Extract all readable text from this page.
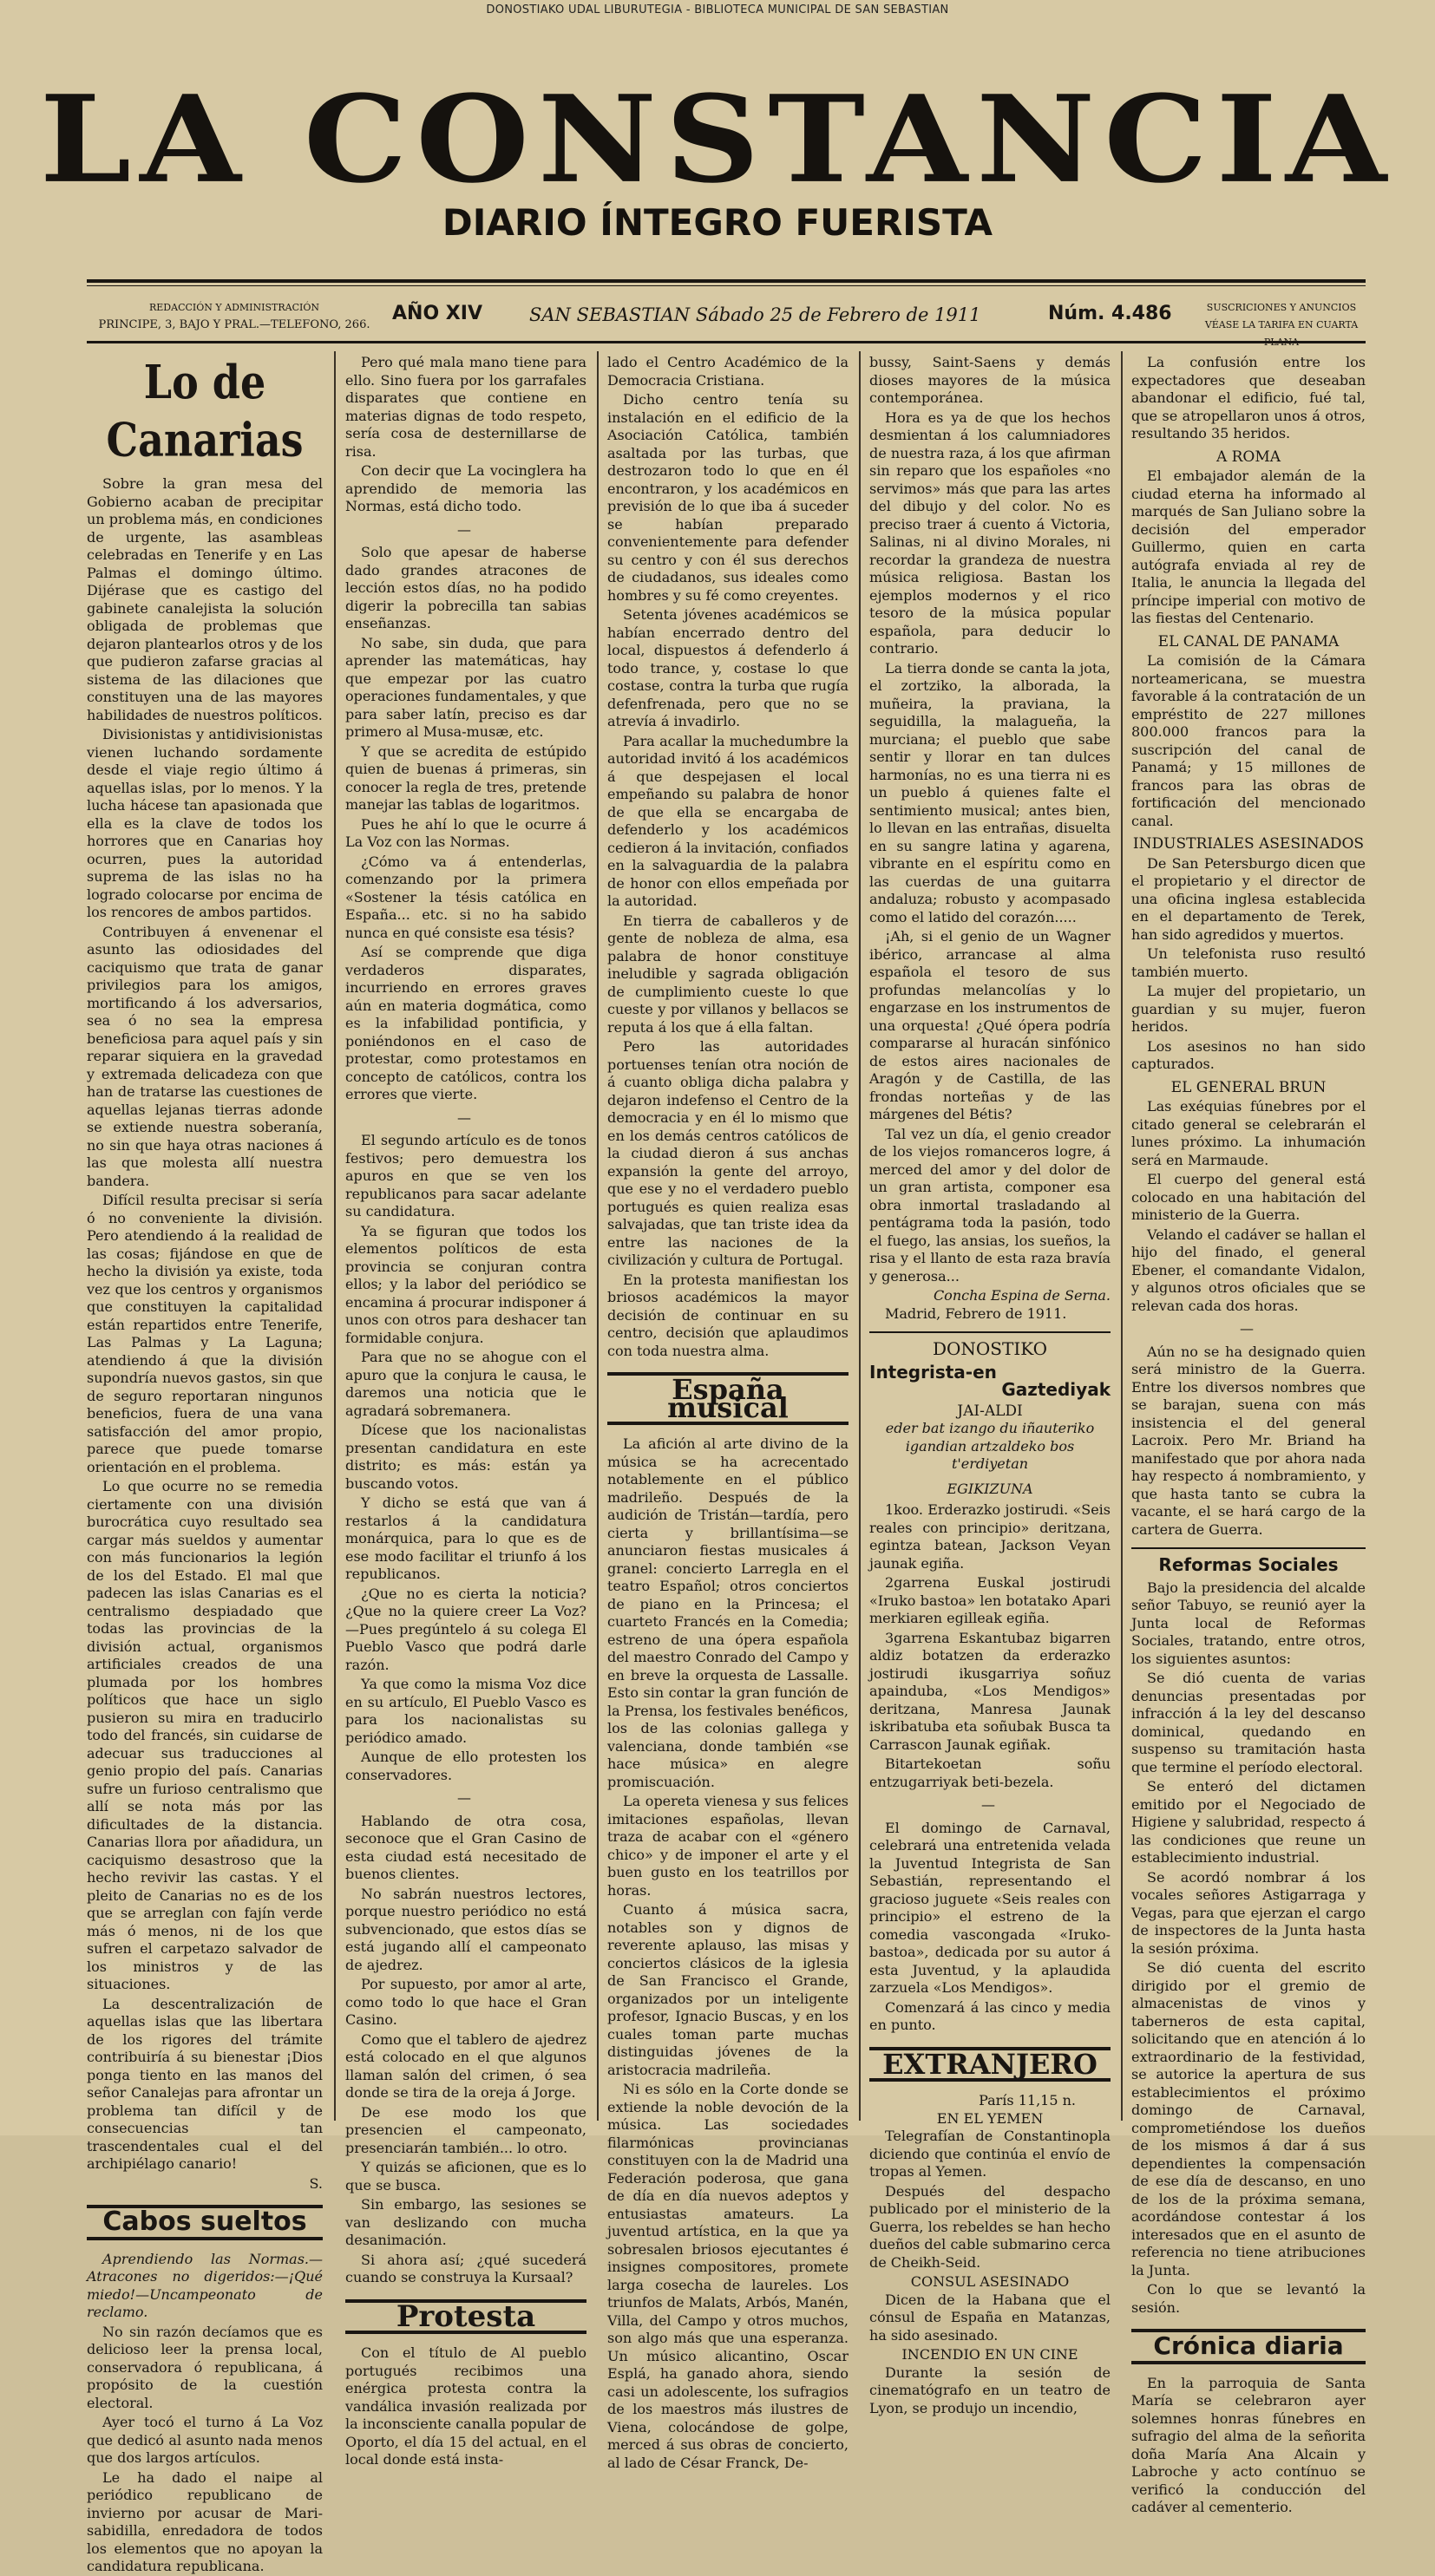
DONOSTIAKO UDAL LIBURUTEGIA - BIBLIOTECA MUNICIPAL DE SAN SEBASTIAN
LA CONSTANCIA
DIARIO ÍNTEGRO FUERISTA
REDACCIÓN Y ADMINISTRACIÓN
PRINCIPE, 3, BAJO Y PRAL.—TELEFONO, 266.
AÑO XIV	SAN SEBASTIAN Sábado 25 de Febrero de 1911	Núm. 4.486	SUSCRICIONES Y ANUNCIOS
VÉASE LA TARIFA EN CUARTA
Lo de Canarias

Sobre la gran mesa del Gobierno acaban de precipitar un problema más, en condiciones de urgente, las asambleas celebradas en Tenerife y en Las Palmas el domingo último. Dijérase que es castigo del gabinete canalejista la solución obligada de problemas que dejaron plantearlos otros y de los que pudieron zafarse gracias al sistema de las dilaciones que constituyen una de las mayores habilidades de nuestros políticos.

Divisionistas y antidivisionistas vienen luchando sordamente desde el viaje regio último á aquellas islas, por lo menos. Y la lucha hácese tan apasionada que ella es la clave de todos los horrores que en Canarias hoy ocurren, pues la autoridad suprema de las islas no ha logrado colocarse por encima de los rencores de ambos partidos.

Contribuyen á envenenar el asunto las odiosidades del caciquismo que trata de ganar privilegios para los amigos, mortificando á los adversarios, sea ó no sea la empresa beneficiosa para aquel país y sin reparar siquiera en la gravedad y extremada delicadeza con que han de tratarse las cuestiones de aquellas lejanas tierras adonde se extiende nuestra soberanía, no sin que haya otras naciones á las que molesta allí nuestra bandera.

Difícil resulta precisar si sería ó no conveniente la división. Pero atendiendo á la realidad de las cosas; fijándose en que de hecho la división ya existe, toda vez que los centros y organismos que constituyen la capitalidad están repartidos entre Tenerife, Las Palmas y La Laguna; atendiendo á que la división supondría nuevos gastos, sin que de seguro reportaran ningunos beneficios, fuera de una vana satisfacción del amor propio, parece que puede tomarse orientación en el problema.

Lo que ocurre no se remedia ciertamente con una división burocrática cuyo resultado sea cargar más sueldos y aumentar con más funcionarios la legión de los del Estado. El mal que padecen las islas Canarias es el centralismo despiadado que todas las provincias de la división actual, organismos artificiales creados de una plumada por los hombres políticos que hace un siglo pusieron su mira en traducirlo todo del francés, sin cuidarse de adecuar sus traducciones al genio propio del país. Canarias sufre un furioso centralismo que allí se nota más por las dificultades de la distancia. Canarias llora por añadidura, un caciquismo desastroso que la hecho revivir las castas. Y el pleito de Canarias no es de los que se arreglan con fajín verde más ó menos, ni de los que sufren el carpetazo salvador de los ministros y de las situaciones.

La descentralización de aquellas islas que las libertara de los rigores del trámite contribuiría á su bienestar ¡Dios ponga tiento en las manos del señor Canalejas para afrontar un problema tan difícil y de consecuencias tan trascendentales cual el del archipiélago canario!

S.
Cabos sueltos

Aprendiendo las Normas.—Atracones no digeridos:—¡Qué miedo!—Uncampeonato de reclamo.

No sin razón decíamos que es delicioso leer la prensa local, conservadora ó republicana, á propósito de la cuestión electoral.

Ayer tocó el turno á La Voz que dedicó al asunto nada menos que dos largos artículos.

Le ha dado el naipe al periódico republicano de invierno por acusar de Mari-sabidilla, enredadora de todos los elementos que no apoyan la candidatura republicana.

Pero qué mala mano tiene para ello. Sino fuera por los garrafales disparates que contiene en materias dignas de todo respeto, sería cosa de desternillarse de risa.

Con decir que La vocinglera ha aprendido de memoria las Normas, está dicho todo.

—

Solo que apesar de haberse dado grandes atracones de lección estos días, no ha podido digerir la pobrecilla tan sabias enseñanzas.

No sabe, sin duda, que para aprender las matemáticas, hay que empezar por las cuatro operaciones fundamentales, y que para saber latín, preciso es dar primero al Musa-musæ, etc.

Y que se acredita de estúpido quien de buenas á primeras, sin conocer la regla de tres, pretende manejar las tablas de logaritmos.

Pues he ahí lo que le ocurre á La Voz con las Normas.

¿Cómo va á entenderlas, comenzando por la primera «Sostener la tésis católica en España... etc. si no ha sabido nunca en qué consiste esa tésis?

Así se comprende que diga verdaderos disparates, incurriendo en errores graves aún en materia dogmática, como es la infabilidad pontificia, y poniéndonos en el caso de protestar, como protestamos en concepto de católicos, contra los errores que vierte.

—

El segundo artículo es de tonos festivos; pero demuestra los apuros en que se ven los republicanos para sacar adelante su candidatura.

Ya se figuran que todos los elementos políticos de esta provincia se conjuran contra ellos; y la labor del periódico se encamina á procurar indisponer á unos con otros para deshacer tan formidable conjura.

Para que no se ahogue con el apuro que la conjura le causa, le daremos una noticia que le agradará sobremanera.

Dícese que los nacionalistas presentan candidatura en este distrito; es más: están ya buscando votos.

Y dicho se está que van á restarlos á la candidatura monárquica, para lo que es de ese modo facilitar el triunfo á los republicanos.

¿Que no es cierta la noticia? ¿Que no la quiere creer La Voz? —Pues pregúntelo á su colega El Pueblo Vasco que podrá darle razón.

Ya que como la misma Voz dice en su artículo, El Pueblo Vasco es para los nacionalistas su periódico amado.

Aunque de ello protesten los conservadores.

—

Hablando de otra cosa, seconoce que el Gran Casino de esta ciudad está necesitado de buenos clientes.

No sabrán nuestros lectores, porque nuestro periódico no está subvencionado, que estos días se está jugando allí el campeonato de ajedrez.

Por supuesto, por amor al arte, como todo lo que hace el Gran Casino.

Como que el tablero de ajedrez está colocado en el que algunos llaman salón del crimen, ó sea donde se tira de la oreja á Jorge.

De ese modo los que presencien el campeonato, presenciarán también... lo otro.

Y quizás se aficionen, que es lo que se busca.

Sin embargo, las sesiones se van deslizando con mucha desanimación.

Si ahora así; ¿qué sucederá cuando se construya la Kursaal?

Protesta

Con el título de Al pueblo portugués recibimos una enérgica protesta contra la vandálica invasión realizada por la inconsciente canalla popular de Oporto, el día 15 del actual, en el local donde está insta-

lado el Centro Académico de la Democracia Cristiana.

Dicho centro tenía su instalación en el edificio de la Asociación Católica, también asaltada por las turbas, que destrozaron todo lo que en él encontraron, y los académicos en previsión de lo que iba á suceder se habían preparado convenientemente para defender su centro y con él sus derechos de ciudadanos, sus ideales como hombres y su fé como creyentes.

Setenta jóvenes académicos se habían encerrado dentro del local, dispuestos á defenderlo á todo trance, y, costase lo que costase, contra la turba que rugía defenfrenada, pero que no se atrevía á invadirlo.

Para acallar la muchedumbre la autoridad invitó á los académicos á que despejasen el local empeñando su palabra de honor de que ella se encargaba de defenderlo y los académicos cedieron á la invitación, confiados en la salvaguardia de la palabra de honor con ellos empeñada por la autoridad.

En tierra de caballeros y de gente de nobleza de alma, esa palabra de honor constituye ineludible y sagrada obligación de cumplimiento cueste lo que cueste y por villanos y bellacos se reputa á los que á ella faltan.

Pero las autoridades portuenses tenían otra noción de á cuanto obliga dicha palabra y dejaron indefenso el Centro de la democracia y en él lo mismo que en los demás centros católicos de la ciudad dieron á sus anchas expansión la gente del arroyo, que ese y no el verdadero pueblo portugués es quien realiza esas salvajadas, que tan triste idea da entre las naciones de la civilización y cultura de Portugal.

En la protesta manifiestan los briosos académicos la mayor decisión de continuar en su centro, decisión que aplaudimos con toda nuestra alma.

España musical

La afición al arte divino de la música se ha acrecentado notablemente en el público madrileño. Después de la audición de Tristán—tardía, pero cierta y brillantísima—se anunciaron fiestas musicales á granel: concierto Larregla en el teatro Español; otros conciertos de piano en la Princesa; el cuarteto Francés en la Comedia; estreno de una ópera española del maestro Conrado del Campo y en breve la orquesta de Lassalle. Esto sin contar la gran función de la Prensa, los festivales benéficos, los de las colonias gallega y valenciana, donde también «se hace música» en alegre promiscuación.

La opereta vienesa y sus felices imitaciones españolas, llevan traza de acabar con el «género chico» y de imponer el arte y el buen gusto en los teatrillos por horas.

Cuanto á música sacra, notables son y dignos de reverente aplauso, las misas y conciertos clásicos de la iglesia de San Francisco el Grande, organizados por un inteligente profesor, Ignacio Buscas, y en los cuales toman parte muchas distinguidas jóvenes de la aristocracia madrileña.

Ni es sólo en la Corte donde se extiende la noble devoción de la música. Las sociedades filarmónicas provincianas constituyen con la de Madrid una Federación poderosa, que gana de día en día nuevos adeptos y entusiastas amateurs. La juventud artística, en la que ya sobresalen briosos ejecutantes é insignes compositores, promete larga cosecha de laureles. Los triunfos de Malats, Arbós, Manén, Villa, del Campo y otros muchos, son algo más que una esperanza. Un músico alicantino, Oscar Esplá, ha ganado ahora, siendo casi un adolescente, los sufragios de los maestros más ilustres de Viena, colocándose de golpe, merced á sus obras de concierto, al lado de César Franck, De-

bussy, Saint-Saens y demás dioses mayores de la música contemporánea.

Hora es ya de que los hechos desmientan á los calumniadores de nuestra raza, á los que afirman sin reparo que los españoles «no servimos» más que para las artes del dibujo y del color. No es preciso traer á cuento á Victoria, Salinas, ni al divino Morales, ni recordar la grandeza de nuestra música religiosa. Bastan los ejemplos modernos y el rico tesoro de la música popular española, para deducir lo contrario.

La tierra donde se canta la jota, el zortziko, la alborada, la muñeira, la praviana, la seguidilla, la malagueña, la murciana; el pueblo que sabe sentir y llorar en tan dulces harmonías, no es una tierra ni es un pueblo á quienes falte el sentimiento musical; antes bien, lo llevan en las entrañas, disuelta en su sangre latina y agarena, vibrante en el espíritu como en las cuerdas de una guitarra andaluza; robusto y acompasado como el latido del corazón.....

¡Ah, si el genio de un Wagner ibérico, arrancase al alma española el tesoro de sus profundas melancolías y lo engarzase en los instrumentos de una orquesta! ¿Qué ópera podría compararse al huracán sinfónico de estos aires nacionales de Aragón y de Castilla, de las frondas norteñas y de las márgenes del Bétis?

Tal vez un día, el genio creador de los viejos romanceros logre, á merced del amor y del dolor de un gran artista, componer esa obra inmortal trasladando al pentágrama toda la pasión, todo el fuego, las ansias, los sueños, la risa y el llanto de esta raza bravía y generosa...

Concha Espina de Serna.
Madrid, Febrero de 1911.
DONOSTIKO
Integrista-en
Gaztediyak
JAI-ALDI
eder bat izango du iñauteriko igandian artzaldeko bos t'erdiyetan
EGIKIZUNA

1koo. Erderazko jostirudi. «Seis reales con principio» deritzana, egintza batean, Jackson Veyan jaunak egiña.

2garrena Euskal jostirudi «Iruko bastoa» len botatako Apari merkiaren egilleak egiña.

3garrena Eskantubaz bigarren aldiz botatzen da erderazko jostirudi ikusgarriya soñuz apainduba, «Los Mendigos» deritzana, Manresa Jaunak iskribatuba eta soñubak Busca ta Carrascon Jaunak egiñak.

Bitartekoetan soñu entzugarriyak beti-bezela.

—

El domingo de Carnaval, celebrará una entretenida velada la Juventud Integrista de San Sebastián, representando el gracioso juguete «Seis reales con principio» el estreno de la comedia vascongada «Iruko-bastoa», dedicada por su autor á esta Juventud, y la aplaudida zarzuela «Los Mendigos».

Comenzará á las cinco y media en punto.

EXTRANJERO
París 11,15 n.
EN EL YEMEN

Telegrafían de Constantinopla diciendo que continúa el envío de tropas al Yemen.

Después del despacho publicado por el ministerio de la Guerra, los rebeldes se han hecho dueños del cable submarino cerca de Cheikh-Seid.

CONSUL ASESINADO

Dicen de la Habana que el cónsul de España en Matanzas, ha sido asesinado.

INCENDIO EN UN CINE

Durante la sesión de cinematógrafo en un teatro de Lyon, se produjo un incendio,

La confusión entre los expectadores que deseaban abandonar el edificio, fué tal, que se atropellaron unos á otros, resultando 35 heridos.

A ROMA

El embajador alemán de la ciudad eterna ha informado al marqués de San Juliano sobre la decisión del emperador Guillermo, quien en carta autógrafa enviada al rey de Italia, le anuncia la llegada del príncipe imperial con motivo de las fiestas del Centenario.

EL CANAL DE PANAMA

La comisión de la Cámara norteamericana, se muestra favorable á la contratación de un empréstito de 227 millones 800.000 francos para la suscripción del canal de Panamá; y 15 millones de francos para las obras de fortificación del mencionado canal.

INDUSTRIALES ASESINADOS

De San Petersburgo dicen que el propietario y el director de una oficina inglesa establecida en el departamento de Terek, han sido agredidos y muertos.

Un telefonista ruso resultó también muerto.

La mujer del propietario, un guardian y su mujer, fueron heridos.

Los asesinos no han sido capturados.

EL GENERAL BRUN

Las exéquias fúnebres por el citado general se celebrarán el lunes próximo. La inhumación será en Marmaude.

El cuerpo del general está colocado en una habitación del ministerio de la Guerra.

Velando el cadáver se hallan el hijo del finado, el general Ebener, el comandante Vidalon, y algunos otros oficiales que se relevan cada dos horas.

—

Aún no se ha designado quien será ministro de la Guerra. Entre los diversos nombres que se barajan, suena con más insistencia el del general Lacroix. Pero Mr. Briand ha manifestado que por ahora nada hay respecto á nombramiento, y que hasta tanto se cubra la vacante, el se hará cargo de la cartera de Guerra.

Reformas Sociales

Bajo la presidencia del alcalde señor Tabuyo, se reunió ayer la Junta local de Reformas Sociales, tratando, entre otros, los siguientes asuntos:

Se dió cuenta de varias denuncias presentadas por infracción á la ley del descanso dominical, quedando en suspenso su tramitación hasta que termine el período electoral.

Se enteró del dictamen emitido por el Negociado de Higiene y salubridad, respecto á las condiciones que reune un establecimiento industrial.

Se acordó nombrar á los vocales señores Astigarraga y Vegas, para que ejerzan el cargo de inspectores de la Junta hasta la sesión próxima.

Se dió cuenta del escrito dirigido por el gremio de almacenistas de vinos y taberneros de esta capital, solicitando que en atención á lo extraordinario de la festividad, se autorice la apertura de sus establecimientos el próximo domingo de Carnaval, comprometiéndose los dueños de los mismos á dar á sus dependientes la compensación de ese día de descanso, en uno de los de la próxima semana, acordándose contestar á los interesados que en el asunto de referencia no tiene atribuciones la Junta.

Con lo que se levantó la sesión.

Crónica diaria

En la parroquia de Santa María se celebraron ayer solemnes honras fúnebres en sufragio del alma de la señorita doña María Ana Alcain y Labroche y acto contínuo se verificó la conducción del cadáver al cementerio.
